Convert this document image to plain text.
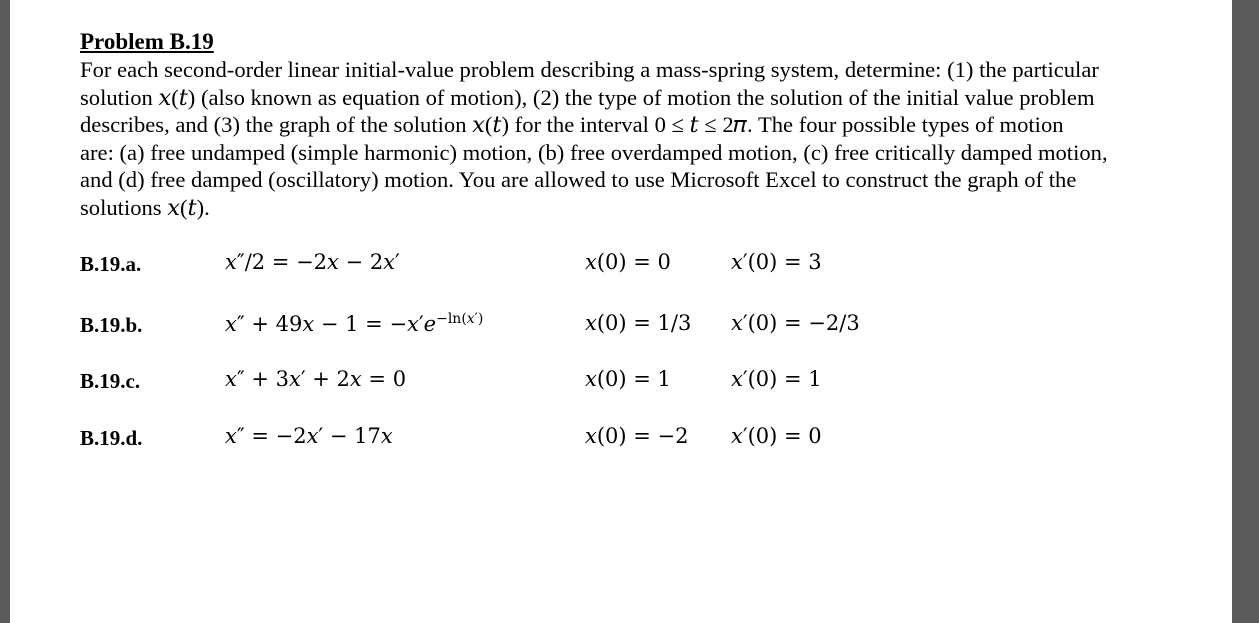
Problem B.19
For each second-order linear initial-value problem describing a mass-spring system, determine: (1) the particular
solution 𝑥(𝑡) (also known as equation of motion), (2) the type of motion the solution of the initial value problem
describes, and (3) the graph of the solution 𝑥(𝑡) for the interval 0 ≤ 𝑡 ≤ 2𝜋. The four possible types of motion
are: (a) free undamped (simple harmonic) motion, (b) free overdamped motion, (c) free critically damped motion,
and (d) free damped (oscillatory) motion. You are allowed to use Microsoft Excel to construct the graph of the
solutions 𝑥(𝑡).
B.19.a.	𝑥″/2 = −2𝑥 − 2𝑥′	𝑥(0) = 0	𝑥′(0) = 3
B.19.b.	𝑥″ + 49𝑥 − 1 = −𝑥′𝑒$^{-ln(𝑥')}$	𝑥(0) = 1/3 𝑥′(0) = −2/3
B.19.c.	𝑥″ + 3𝑥′ + 2𝑥 = 0	𝑥(0) = 1	𝑥′(0) = 1
B.19.d.	𝑥″ = −2𝑥′ − 17𝑥	𝑥(0) = −2 𝑥′(0) = 0
